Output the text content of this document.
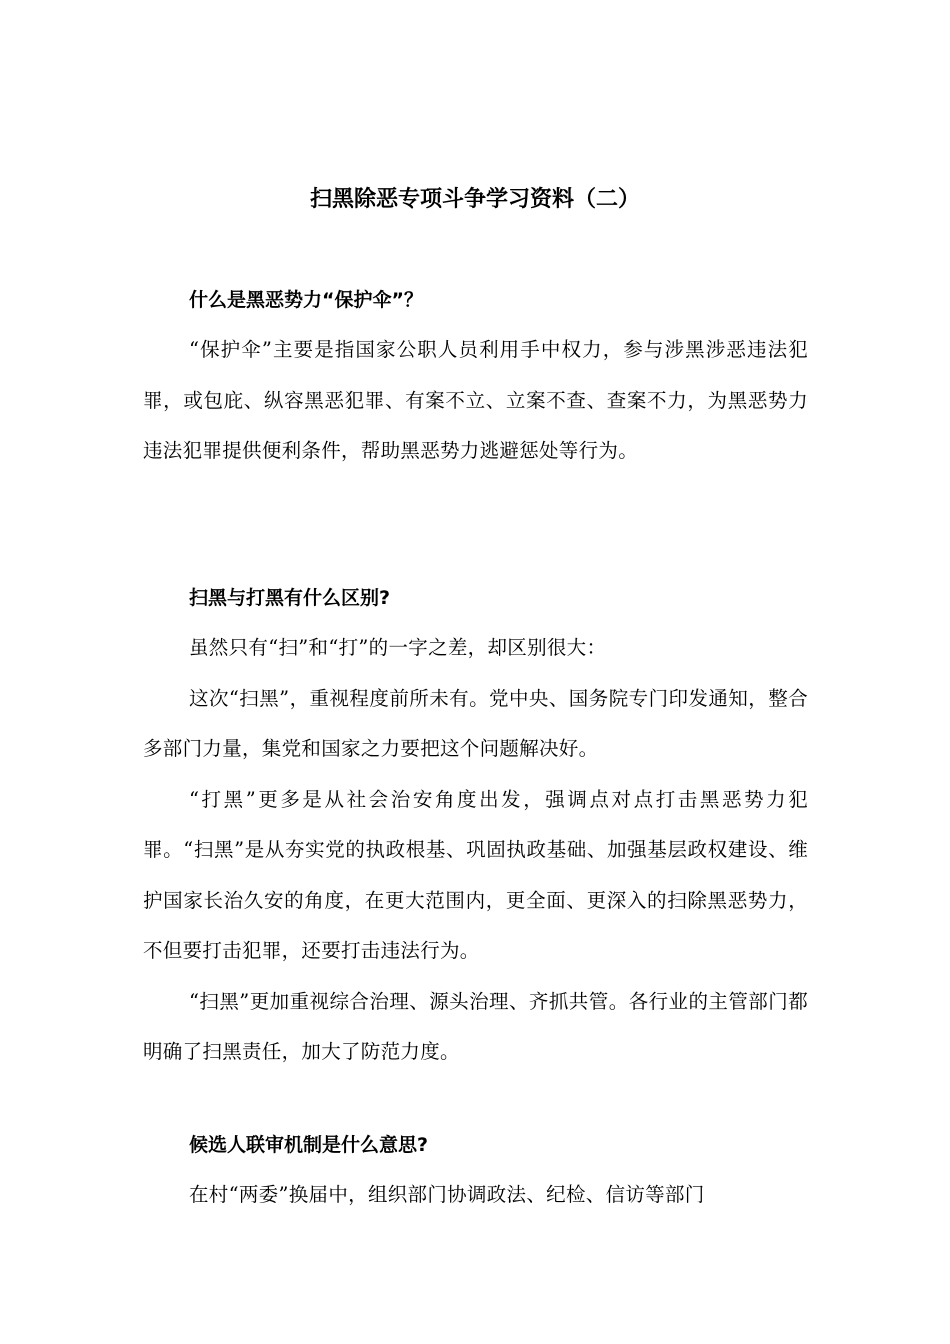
扫黑除恶专项斗争学习资料（二）

什么是黑恶势力“保护伞”？

“保护伞”主要是指国家公职人员利用手中权力，参与涉黑涉恶违法犯罪，或包庇、纵容黑恶犯罪、有案不立、立案不查、查案不力，为黑恶势力违法犯罪提供便利条件，帮助黑恶势力逃避惩处等行为。

扫黑与打黑有什么区别?

虽然只有“扫”和“打”的一字之差，却区别很大：

这次“扫黑”，重视程度前所未有。党中央、国务院专门印发通知，整合多部门力量，集党和国家之力要把这个问题解决好。

“打黑”更多是从社会治安角度出发，强调点对点打击黑恶势力犯罪。“扫黑”是从夯实党的执政根基、巩固执政基础、加强基层政权建设、维护国家长治久安的角度，在更大范围内，更全面、更深入的扫除黑恶势力，不但要打击犯罪，还要打击违法行为。

“扫黑”更加重视综合治理、源头治理、齐抓共管。各行业的主管部门都明确了扫黑责任，加大了防范力度。

候选人联审机制是什么意思?

在村“两委”换届中，组织部门协调政法、纪检、信访等部门
